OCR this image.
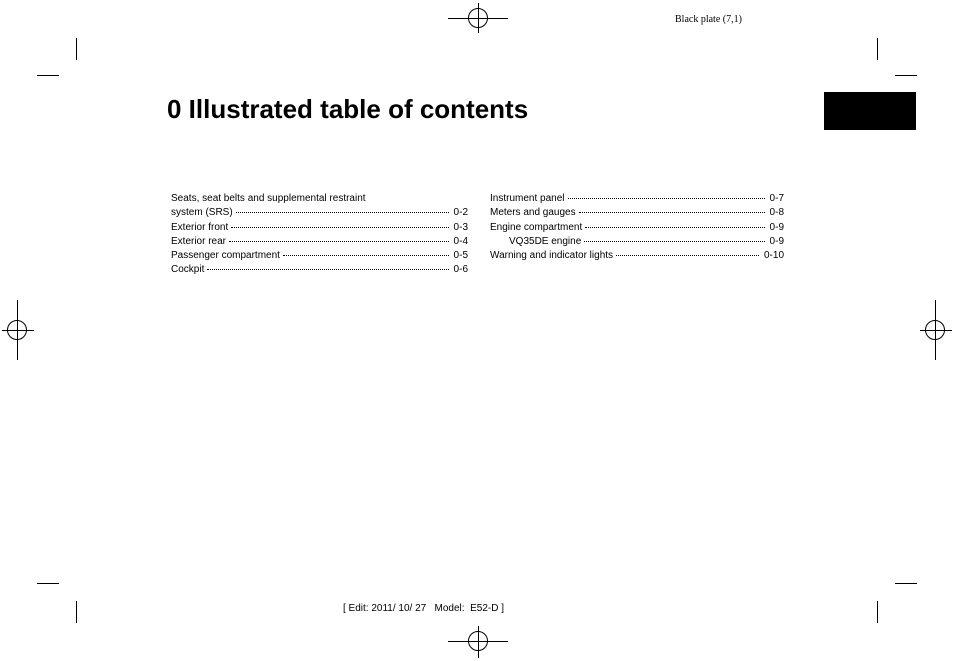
Black plate (7,1)
0 Illustrated table of contents
Seats, seat belts and supplemental restraint
system (SRS)	0-2
Exterior front	0-3
Exterior rear	0-4
Passenger compartment	0-5
Cockpit	0-6
Instrument panel	0-7
Meters and gauges	0-8
Engine compartment	0-9
VQ35DE engine	0-9
Warning and indicator lights	0-10
[ Edit: 2011/ 10/ 27   Model:  E52-D ]
